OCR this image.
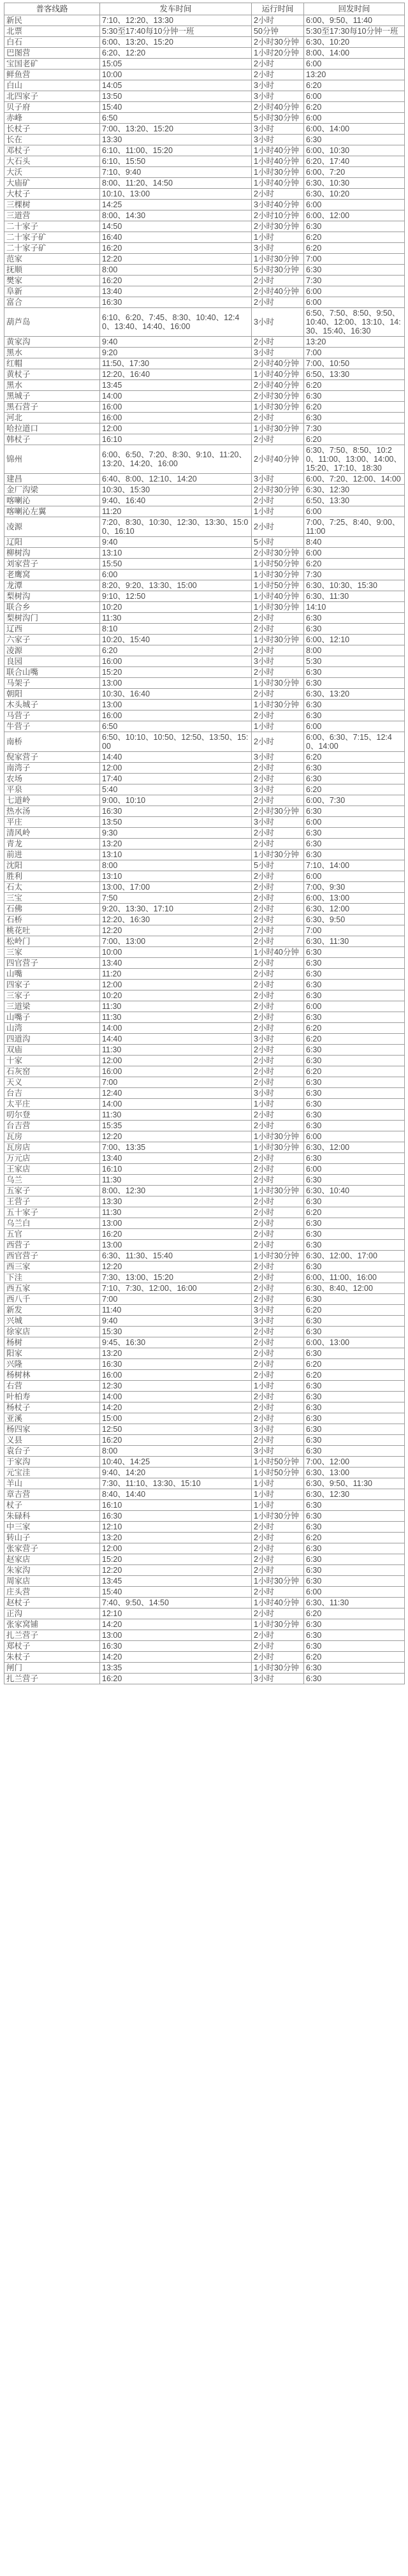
普客线路	发车时间	运行时间	回发时间
新民	7:10、12:20、13:30	2小时	6:00、9:50、11:40
北票	5:30至17:40每10分钟一班	50分钟	5:30至17:30每10分钟一班
白石	6:00、13:20、15:20	2小时30分钟	6:30、10:20
巴图营	6:20、12:20	1小时20分钟	8:00、14:00
宝国老矿	15:05	2小时	6:00
鲜鱼营	10:00	2小时	13:20
白山	14:05	3小时	6:20
北四家子	13:50	3小时	6:00
贝子府	15:40	2小时40分钟	6:20
赤峰	6:50	5小时30分钟	6:00
长杖子	7:00、13:20、15:20	3小时	6:00、14:00
长在	13:30	3小时	6:30
邓杖子	6:10、11:00、15:20	1小时40分钟	6:00、10:30
大石头	6:10、15:50	1小时40分钟	6:20、17:40
大沃	7:10、9:40	1小时30分钟	6:00、7:20
大庙矿	8:00、11:20、14:50	1小时40分钟	6:30、10:30
大杖子	10:10、13:00	2小时	6:30、10:20
三棵树	14:25	3小时40分钟	6:00
三道营	8:00、14:30	2小时10分钟	6:00、12:00
二十家子	14:50	2小时30分钟	6:30
二十家子矿	16:40	1小时	6:20
二十家子矿	16:20	3小时	6:20
范家	12:20	1小时30分钟	7:00
抚顺	8:00	5小时30分钟	6:30
樊家	16:20	2小时	7:30
阜新	13:40	2小时40分钟	6:00
富合	16:30	2小时	6:00
葫芦岛	6:10、6:20、7:45、8:30、10:40、12:40、13:40、14:40、16:00	3小时	6:50、7:50、8:50、9:50、10:40、12:00、13:10、14:30、15:40、16:30
黄家沟	9:40	2小时	13:20
黑水	9:20	3小时	7:00
红帽	11:50、17:30	2小时40分钟	7:00、10:50
黄杖子	12:20、16:40	1小时40分钟	6:50、13:30
黑水	13:45	2小时40分钟	6:20
黑城子	14:00	2小时30分钟	6:30
黑石营子	16:00	1小时30分钟	6:20
河北	16:00	2小时	6:30
哈拉道口	12:00	1小时30分钟	7:30
韩杖子	16:10	2小时	6:20
锦州	6:00、6:50、7:20、8:30、9:10、11:20、13:20、14:20、16:00	2小时40分钟	6:30、7:50、8:50、10:20、11:00、13:00、14:00、15:20、17:10、18:30
建昌	6:40、8:00、12:10、14:20	3小时	6:00、7:20、12:00、14:00
金厂沟梁	10:30、15:30	2小时30分钟	6:30、12:30
喀喇沁	9:40、16:40	2小时	6:50、13:30
喀喇沁左翼	11:20	1小时	6:00
凌源	7:20、8:30、10:30、12:30、13:30、15:00、16:10	2小时	7:00、7:25、8:40、9:00、11:00
辽阳	9:40	5小时	8:40
柳树沟	13:10	2小时30分钟	6:00
刘家营子	15:50	1小时50分钟	6:20
老鹰窝	6:00	1小时30分钟	7:30
龙潭	8:20、9:20、13:30、15:00	1小时50分钟	6:30、10:30、15:30
梨树沟	9:10、12:50	1小时40分钟	6:30、11:30
联合乡	10:20	1小时30分钟	14:10
梨树沟门	11:30	2小时	6:30
辽西	8:10	2小时	6:30
六家子	10:20、15:40	1小时30分钟	6:00、12:10
凌源	6:20	2小时	8:00
良园	16:00	3小时	5:30
联合山嘴	15:20	2小时	6:30
马架子	13:00	1小时30分钟	6:30
朝阳	10:30、16:40	2小时	6:30、13:20
木头城子	13:00	1小时30分钟	6:30
马营子	16:00	2小时	6:30
牛营子	6:50	1小时	6:00
南桥	6:50、10:10、10:50、12:50、13:50、15:00	2小时	6:00、6:30、7:15、12:40、14:00
倪家营子	14:40	3小时	6:20
南湾子	12:00	2小时	6:30
农场	17:40	2小时	6:30
平泉	5:40	3小时	6:20
七道岭	9:00、10:10	2小时	6:00、7:30
热水汤	16:30	2小时30分钟	6:30
平庄	13:50	3小时	6:00
清风岭	9:30	2小时	6:30
青龙	13:20	2小时	6:30
前进	13:10	1小时30分钟	6:30
沈阳	8:00	5小时	7:10、14:00
胜利	13:10	2小时	6:00
石太	13:00、17:00	2小时	7:00、9:30
三宝	7:50	2小时	6:00、13:00
石佛	9:20、13:30、17:10	2小时	6:30、12:00
石桥	12:20、16:30	2小时	6:30、9:50
桃花吐	12:20	2小时	7:00
松岭门	7:00、13:00	2小时	6:30、11:30
三家	10:00	1小时40分钟	6:30
四官营子	13:40	2小时	6:30
山嘴	11:20	2小时	6:30
四家子	12:00	2小时	6:30
三家子	10:20	2小时	6:30
三道梁	11:30	2小时	6:00
山嘴子	11:30	2小时	6:30
山湾	14:00	2小时	6:20
四道沟	14:40	3小时	6:20
双庙	11:30	2小时	6:30
十家	12:00	2小时	6:30
石灰窑	16:00	2小时	6:20
天义	7:00	2小时	6:30
台吉	12:40	3小时	6:30
太平庄	14:00	1小时	6:30
叨尔登	11:30	2小时	6:30
台吉营	15:35	2小时	6:30
瓦房	12:20	1小时30分钟	6:00
瓦房店	7:00、13:35	1小时30分钟	6:30、12:00
万元店	13:40	2小时	6:30
王家店	16:10	2小时	6:00
乌兰	11:30	2小时	6:30
五家子	8:00、12:30	1小时30分钟	6:30、10:40
王营子	13:30	2小时	6:30
五十家子	11:30	2小时	6:20
乌兰白	13:00	2小时	6:30
五官	16:20	2小时	6:30
西营子	13:00	2小时	6:30
西官营子	6:30、11:30、15:40	1小时30分钟	6:30、12:00、17:00
西三家	12:20	2小时	6:30
下洼	7:30、13:00、15:20	2小时	6:00、11:00、16:00
西五家	7:10、7:30、12:00、16:00	2小时	6:30、8:40、12:00
西八千	7:00	2小时	6:30
新发	11:40	3小时	6:20
兴城	9:40	3小时	6:30
徐家店	15:30	2小时	6:30
杨树	9:45、16:30	2小时	6:00、13:00
阳家	13:20	2小时	6:30
兴隆	16:30	2小时	6:20
杨树林	16:00	2小时	6:20
右营	12:30	1小时	6:30
叶柏寿	14:00	2小时	6:30
杨杖子	14:20	2小时	6:30
亚溪	15:00	2小时	6:30
杨四家	12:50	3小时	6:30
义县	16:20	2小时	6:30
袁台子	8:00	3小时	6:30
于家沟	10:40、14:25	1小时50分钟	7:00、12:00
元宝洼	9:40、14:20	1小时50分钟	6:30、13:00
羊山	7:30、11:10、13:30、15:10	1小时	6:30、9:50、11:30
章吉营	8:40、14:40	1小时	6:30、12:30
杖子	16:10	1小时	6:30
朱碌科	16:30	1小时30分钟	6:30
中三家	12:10	2小时	6:30
转山子	13:20	2小时	6:20
张家营子	12:00	2小时	6:30
赵家店	15:20	2小时	6:30
朱家沟	12:20	2小时	6:30
周家店	13:45	1小时30分钟	6:30
庄头营	15:40	2小时	6:00
赵杖子	7:40、9:50、14:50	1小时40分钟	6:30、11:30
正沟	12:10	2小时	6:20
张家窝铺	14:20	1小时30分钟	6:30
扎兰营子	13:00	2小时	6:30
郑杖子	16:30	2小时	6:30
朱杖子	14:20	2小时	6:20
闸门	13:35	1小时30分钟	6:30
扎兰营子	16:20	3小时	6:30
